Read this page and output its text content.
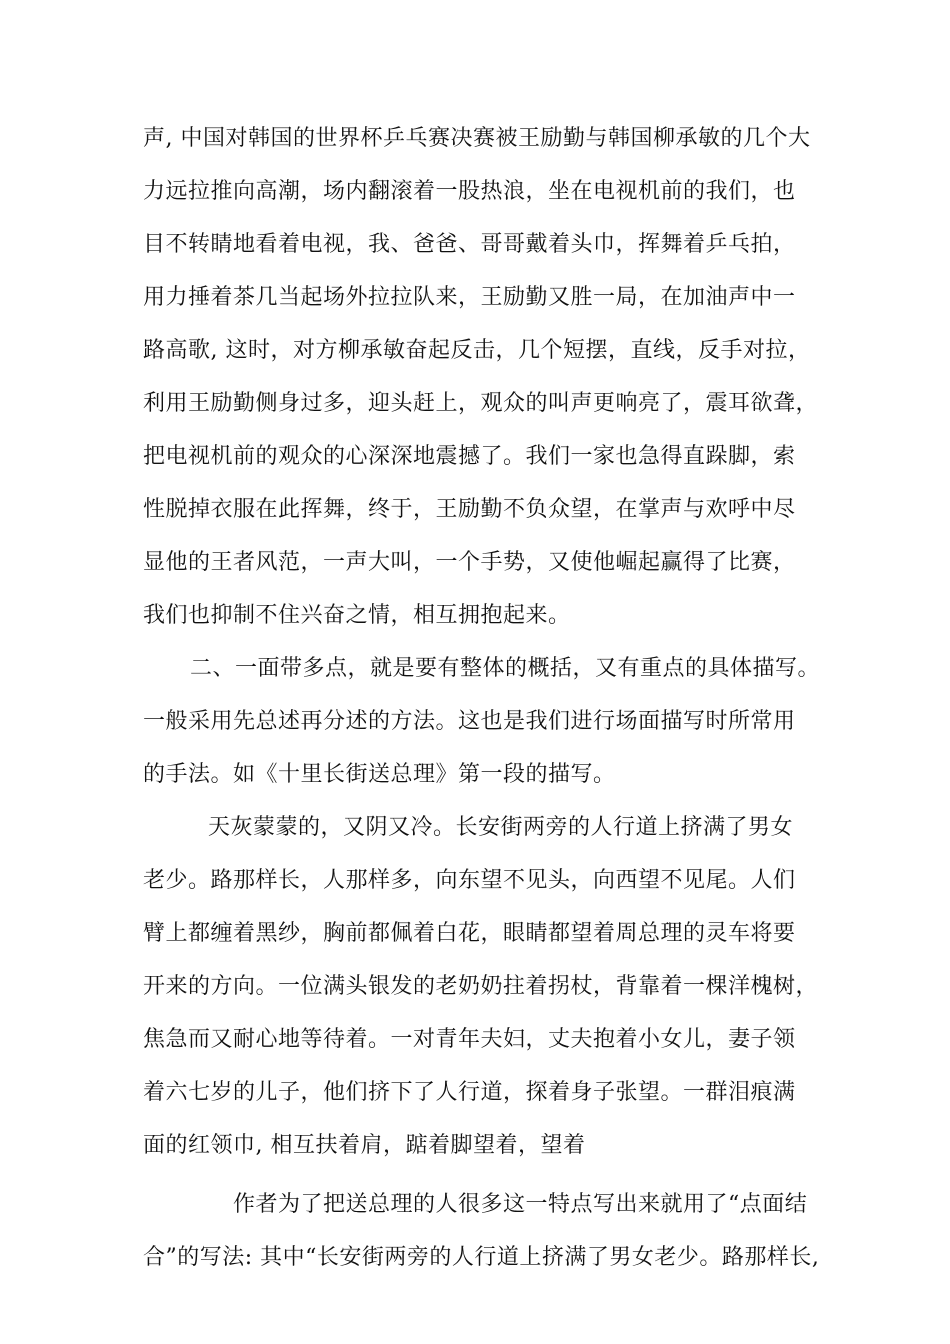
声, 中国对韩国的世界杯乒乓赛决赛被王励勤与韩国柳承敏的几个大
力远拉推向高潮，场内翻滚着一股热浪，坐在电视机前的我们，也
目不转睛地看着电视，我、爸爸、哥哥戴着头巾，挥舞着乒乓拍，
用力捶着茶几当起场外拉拉队来，王励勤又胜一局，在加油声中一
路高歌, 这时，对方柳承敏奋起反击，几个短摆，直线，反手对拉，
利用王励勤侧身过多，迎头赶上，观众的叫声更响亮了，震耳欲聋，
把电视机前的观众的心深深地震撼了。我们一家也急得直跺脚，索
性脱掉衣服在此挥舞，终于，王励勤不负众望，在掌声与欢呼中尽
显他的王者风范，一声大叫，一个手势，又使他崛起赢得了比赛，
我们也抑制不住兴奋之情，相互拥抱起来。
二、一面带多点，就是要有整体的概括，又有重点的具体描写。
一般采用先总述再分述的方法。这也是我们进行场面描写时所常用
的手法。如《十里长街送总理》第一段的描写。
天灰蒙蒙的，又阴又冷。长安街两旁的人行道上挤满了男女
老少。路那样长，人那样多，向东望不见头，向西望不见尾。人们
臂上都缠着黑纱，胸前都佩着白花，眼睛都望着周总理的灵车将要
开来的方向。一位满头银发的老奶奶拄着拐杖，背靠着一棵洋槐树，
焦急而又耐心地等待着。一对青年夫妇，丈夫抱着小女儿，妻子领
着六七岁的儿子，他们挤下了人行道，探着身子张望。一群泪痕满
面的红领巾, 相互扶着肩，踮着脚望着，望着
作者为了把送总理的人很多这一特点写出来就用了“点面结
合”的写法: 其中“长安街两旁的人行道上挤满了男女老少。路那样长,
